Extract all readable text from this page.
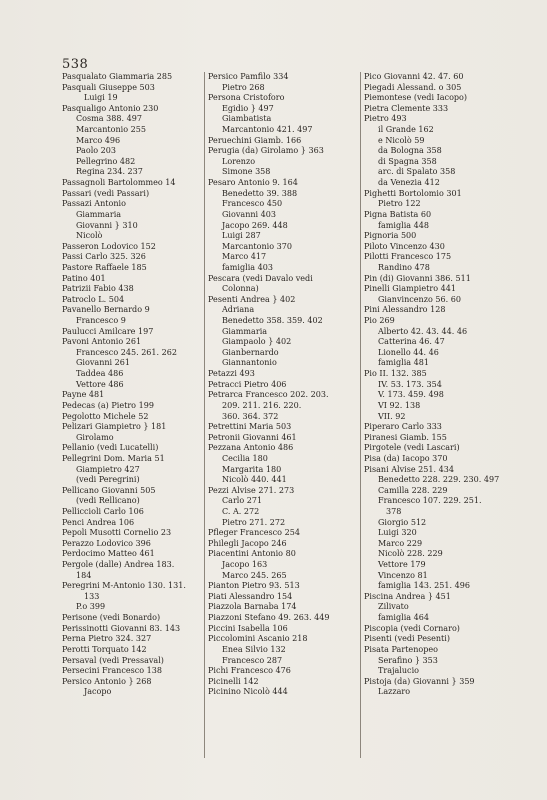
538
Pasqualato Giammaria 285
Pasquali Giuseppe 503
Luigi 19
Pasqualigo Antonio 230
Cosma 388. 497
Marcantonio 255
Marco 496
Paolo 203
Pellegrino 482
Regina 234. 237
Passagnoli Bartolommeo 14
Passari (vedi Passari)
Passazi Antonio
Giammaria
Giovanni } 310
Nicolò
Passeron Lodovico 152
Passi Carlo 325. 326
Pastore Raffaele 185
Patino 401
Patrizii Fabio 438
Patroclo L. 504
Pavanello Bernardo 9
Francesco 9
Paulucci Amilcare 197
Pavoni Antonio 261
Francesco 245. 261. 262
Giovanni 261
Taddea 486
Vettore 486
Payne 481
Pedecas (a) Pietro 199
Pegolotto Michele 52
Pelizari Giampietro } 181
Girolamo
Pellanio (vedi Lucatelli)
Pellegrini Dom. Maria 51
Giampietro 427
(vedi Peregrini)
Pellicano Giovanni 505
(vedi Rellicano)
Pelliccioli Carlo 106
Penci Andrea 106
Pepoli Musotti Cornelio 23
Perazzo Lodovico 396
Perdocimo Matteo 461
Pergole (dalle) Andrea 183.
184
Peregrini M-Antonio 130. 131.
133
P.o 399
Perisone (vedi Bonardo)
Perissinotti Giovanni 83. 143
Perna Pietro 324. 327
Perotti Torquato 142
Persaval (vedi Pressaval)
Persecini Francesco 138
Persico Antonio } 268
Jacopo
Persico Pamfilo 334
Pietro 268
Persona Cristoforo
Egidio } 497
Giambatista
Marcantonio 421. 497
Peruechini Giamb. 166
Perugia (da) Girolamo } 363
Lorenzo
Simone 358
Pesaro Antonio 9. 164
Benedetto 39. 388
Francesco 450
Giovanni 403
Jacopo 269. 448
Luigi 287
Marcantonio 370
Marco 417
famiglia 403
Pescara (vedi Davalo vedi
Colonna)
Pesenti Andrea } 402
Adriana
Benedetto 358. 359. 402
Giammaria
Giampaolo } 402
Gianbernardo
Giannantonio
Petazzi 493
Petracci Pietro 406
Petrarca Francesco 202. 203.
209. 211. 216. 220.
360. 364. 372
Petrettini Maria 503
Petronii Giovanni 461
Pezzana Antonio 486
Cecilia 180
Margarita 180
Nicolò 440. 441
Pezzi Alvise 271. 273
Carlo 271
C. A. 272
Pietro 271. 272
Pfleger Francesco 254
Philegli Jacopo 246
Piacentini Antonio 80
Jacopo 163
Marco 245. 265
Pianton Pietro 93. 513
Piati Alessandro 154
Piazzola Barnaba 174
Piazzoni Stefano 49. 263. 449
Piccini Isabella 106
Piccolomini Ascanio 218
Enea Silvio 132
Francesco 287
Pichi Francesco 476
Picinelli 142
Picinino Nicolò 444
Pico Giovanni 42. 47. 60
Piegadi Alessand. o 305
Piemontese (vedi Iacopo)
Pietra Clemente 333
Pietro 493
il Grande 162
e Nicolò 59
da Bologna 358
di Spagna 358
arc. di Spalato 358
da Venezia 412
Pighetti Bortolomio 301
Pietro 122
Pigna Batista 60
famiglia 448
Pignoria 500
Piloto Vincenzo 430
Pilotti Francesco 175
Randino 478
Pin (di) Giovanni 386. 511
Pinelli Giampietro 441
Gianvincenzo 56. 60
Pini Alessandro 128
Pio 269
Alberto 42. 43. 44. 46
Catterina 46. 47
Lionello 44. 46
famiglia 481
Pio II. 132. 385
IV. 53. 173. 354
V. 173. 459. 498
VI 92. 138
VII. 92
Piperaro Carlo 333
Piranesi Giamb. 155
Pirgotele (vedi Lascari)
Pisa (da) Iacopo 370
Pisani Alvise 251. 434
Benedetto 228. 229. 230. 497
Camilla 228. 229
Francesco 107. 229. 251.
378
Giorgio 512
Luigi 320
Marco 229
Nicolò 228. 229
Vettore 179
Vincenzo 81
famiglia 143. 251. 496
Piscina Andrea } 451
Zilivato
famiglia 464
Piscopia (vedi Cornaro)
Pisenti (vedi Pesenti)
Pisata Partenopeo
Serafino } 353
Trajalucio
Pistoja (da) Giovanni } 359
Lazzaro
